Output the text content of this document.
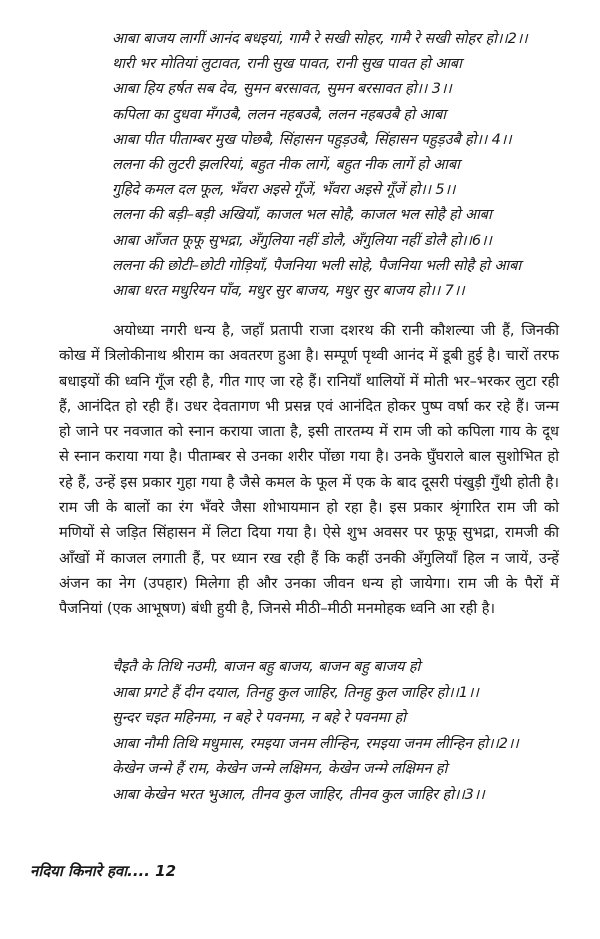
आबा बाजय लागीं आनंद बधइयां, गामै रे सखी सोहर, गामै रे सखी सोहर हो।।2।।
थारी भर मोतियां लुटावत, रानी सुख पावत, रानी सुख पावत हो आबा
आबा हिय हर्षत सब देव, सुमन बरसावत, सुमन बरसावत हो।। 3।।
कपिला का दुधवा मँगउबै, ललन नहबउबै, ललन नहबउबै हो आबा
आबा पीत पीताम्बर मुख पोछबै, सिंहासन पहुड़उबै, सिंहासन पहुड़उबै हो।। 4।।
ललना की लुटरी झलरियां, बहुत नीक लागें, बहुत नीक लागें हो आबा
गुहिदे कमल दल फूल, भँवरा अइसे गूँजें, भँवरा अइसे गूँजें हो।। 5।।
ललना की बड़ी–बड़ी अखियाँ, काजल भल सोहै, काजल भल सोहै हो आबा
आबा आँजत फूफू सुभद्रा, अँगुलिया नहीं डोलै, अँगुलिया नहीं डोलै हो।।6।।
ललना की छोटी–छोटी गोड़ियाँ, पैजनिया भली सोहे, पैजनिया भली सोहै हो आबा
आबा धरत मधुरियन पाँव, मधुर सुर बाजय, मधुर सुर बाजय हो।। 7।।

अयोध्या नगरी धन्य है, जहाँ प्रतापी राजा दशरथ की रानी कौशल्या जी हैं, जिनकी कोख में त्रिलोकीनाथ श्रीराम का अवतरण हुआ है। सम्पूर्ण पृथ्वी आनंद में डूबी हुई है। चारों तरफ बधाइयों की ध्वनि गूँज रही है, गीत गाए जा रहे हैं। रानियाँ थालियों में मोती भर–भरकर लुटा रही हैं, आनंदित हो रही हैं। उधर देवतागण भी प्रसन्न एवं आनंदित होकर पुष्प वर्षा कर रहे हैं। जन्म हो जाने पर नवजात को स्नान कराया जाता है, इसी तारतम्य में राम जी को कपिला गाय के दूध से स्नान कराया गया है। पीताम्बर से उनका शरीर पोंछा गया है। उनके घुँघराले बाल सुशोभित हो रहे हैं, उन्हें इस प्रकार गुहा गया है जैसे कमल के फूल में एक के बाद दूसरी पंखुड़ी गुँथी होती है। राम जी के बालों का रंग भँवरे जैसा शोभायमान हो रहा है। इस प्रकार श्रृंगारित राम जी को मणियों से जड़ित सिंहासन में लिटा दिया गया है। ऐसे शुभ अवसर पर फूफू सुभद्रा, रामजी की आँखों में काजल लगाती हैं, पर ध्यान रख रही हैं कि कहीं उनकी अँगुलियाँ हिल न जायें, उन्हें अंजन का नेग (उपहार) मिलेगा ही और उनका जीवन धन्य हो जायेगा। राम जी के पैरों में पैजनियां (एक आभूषण) बंधी हुयी है, जिनसे मीठी–मीठी मनमोहक ध्वनि आ रही है।

चैइतै के तिथि नउमी, बाजन बहु बाजय, बाजन बहु बाजय हो
आबा प्रगटे हैं दीन दयाल, तिनहु कुल जाहिर, तिनहु कुल जाहिर हो।।1।।
सुन्दर चइत महिनमा, न बहे रे पवनमा, न बहे रे पवनमा हो
आबा नौमी तिथि मधुमास, रमइया जनम लीन्हिन, रमइया जनम लीन्हिन हो।।2।।
केखेन जन्मे हैं राम, केखेन जन्मे लक्षिमन, केखेन जन्मे लक्षिमन हो
आबा केखेन भरत भुआल, तीनव कुल जाहिर, तीनव कुल जाहिर हो।।3।।
नदिया किनारे हवा.... 12
